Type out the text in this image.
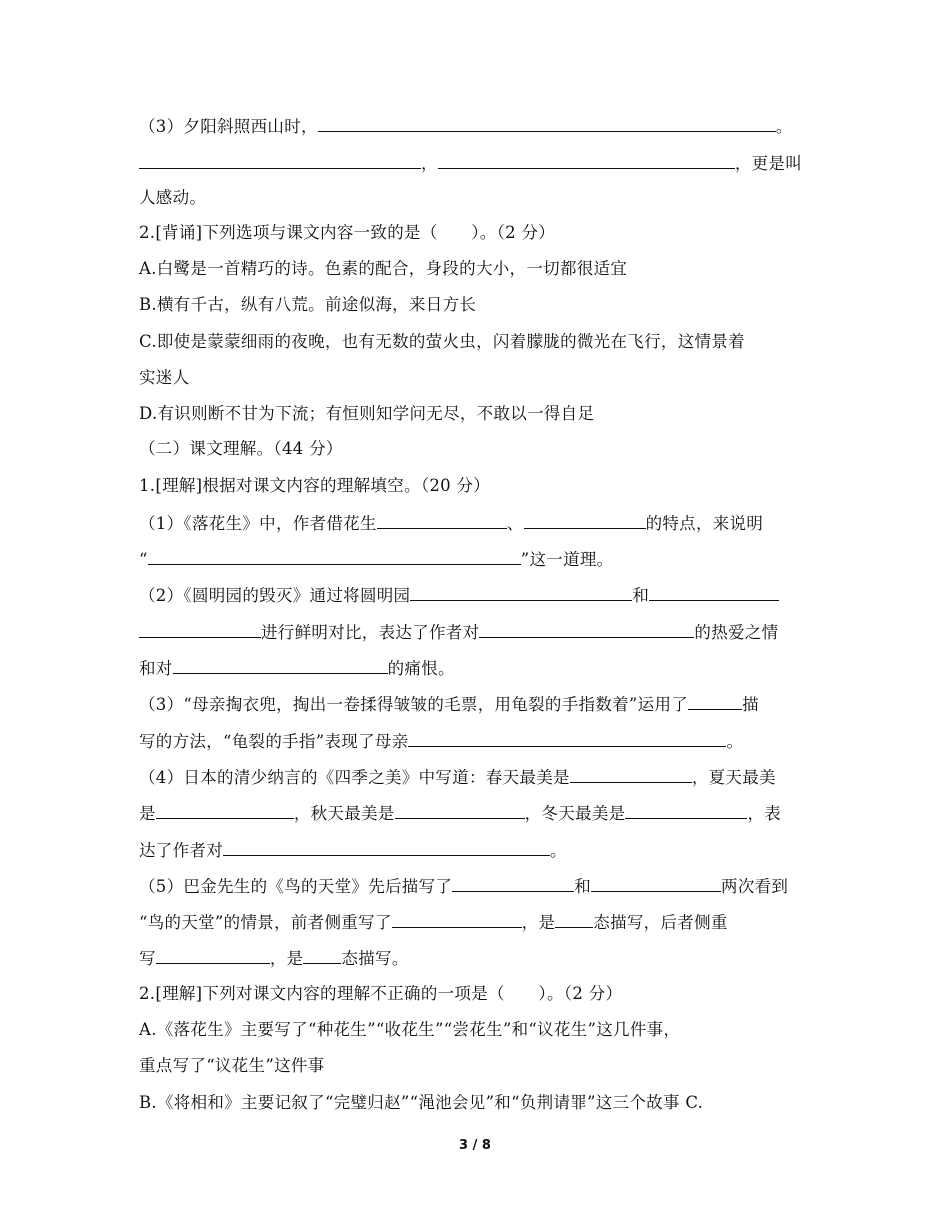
（3）夕阳斜照西山时，	。
，	，更是叫
人感动。
2.[背诵]下列选项与课文内容一致的是（　　）。（2 分）
A.白鹭是一首精巧的诗。色素的配合，身段的大小，一切都很适宜
B.横有千古，纵有八荒。前途似海，来日方长
C.即使是蒙蒙细雨的夜晚，也有无数的萤火虫，闪着朦胧的微光在飞行，这情景着
实迷人
D.有识则断不甘为下流；有恒则知学问无尽，不敢以一得自足
（二）课文理解。（44 分）
1.[理解]根据对课文内容的理解填空。（20 分）
（1）《落花生》中，作者借花生	、	的特点，来说明
“	”这一道理。
（2）《圆明园的毁灭》通过将圆明园	和
进行鲜明对比，表达了作者对	的热爱之情
和对	的痛恨。
（3）“母亲掏衣兜，掏出一卷揉得皱皱的毛票，用龟裂的手指数着”运用了	描
写的方法，“龟裂的手指”表现了母亲	。
（4）日本的清少纳言的《四季之美》中写道：春天最美是	，夏天最美
是	，秋天最美是	，冬天最美是	，表
达了作者对	。
（5）巴金先生的《鸟的天堂》先后描写了	和	两次看到
“鸟的天堂”的情景，前者侧重写了	，是 态描写，后者侧重
写	，是 态描写。
2.[理解]下列对课文内容的理解不正确的一项是（　　）。（2 分）
A.《落花生》主要写了“种花生”“收花生”“尝花生”和“议花生”这几件事，
重点写了“议花生”这件事
B.《将相和》主要记叙了“完璧归赵”“渑池会见”和“负荆请罪”这三个故事 C.
3 / 8
